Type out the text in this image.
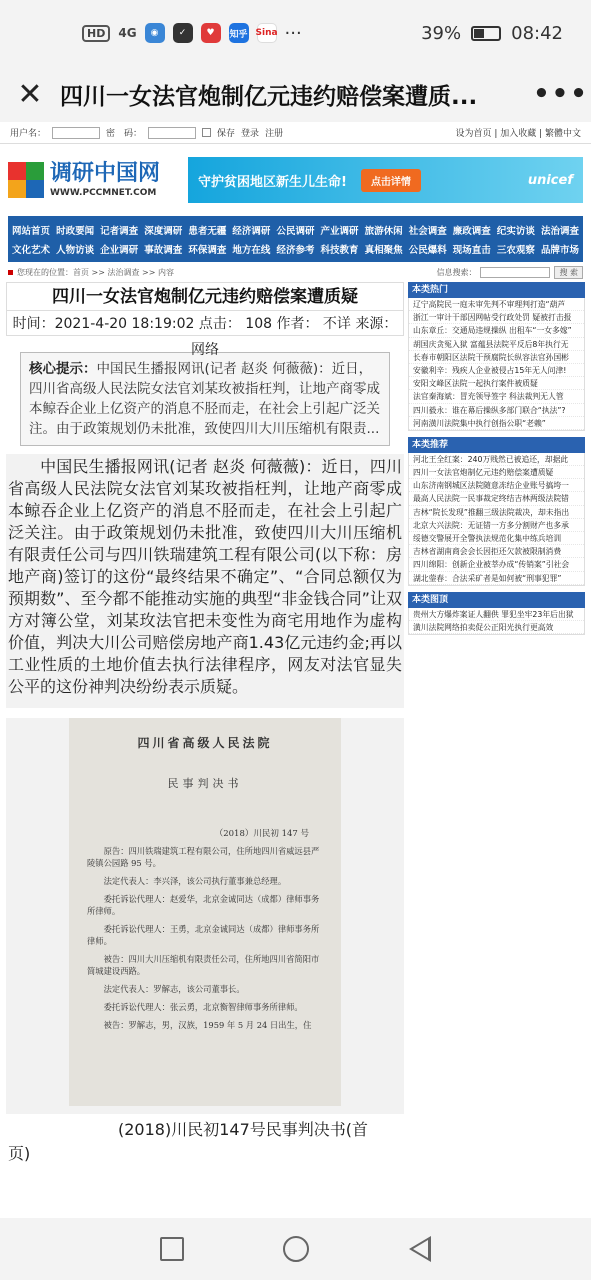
HD	4G	◉	✓	♥	知乎 Sina ···	39%	08:42
✕ 四川一女法官炮制亿元违约赔偿案遭质...	•••
用户名：	密　码：	保存 登录 注册	设为首页 | 加入收藏 | 繁體中文
调研中国网
WWW.PCCMNET.COM
守护贫困地区新生儿生命!	点击详情	unicef
网站首页 时政要闻 记者调查 深度调研 患者无疆 经济调研 公民调研 产业调研 旅游休闲 社会调查 廉政调查 纪实访谈 法治调查
文化艺术 人物访谈 企业调研 事故调查 环保调查 地方在线 经济参考 科技教育 真相聚焦 公民爆料 现场直击 三农观察 品牌市场
您现在的位置：首页 >> 法治调查 >> 内容	信息搜索：	搜 索
四川一女法官炮制亿元违约赔偿案遭质疑
时间：2021-4-20 18:19:02 点击： 108 作者： 不详 来源： 网络
核心提示：中国民生播报网讯(记者 赵炎 何薇薇)：近日，四川省高级人民法院女法官刘某玫被指枉判，让地产商零成本鲸吞企业上亿资产的消息不胫而走，在社会上引起广泛关注。由于政策规划仍未批准，致使四川大川压缩机有限责...
中国民生播报网讯(记者 赵炎 何薇薇)：近日，四川省高级人民法院女法官刘某玫被指枉判，让地产商零成本鲸吞企业上亿资产的消息不胫而走，在社会上引起广泛关注。由于政策规划仍未批准，致使四川大川压缩机有限责任公司与四川铁瑞建筑工程有限公司(以下称：房地产商)签订的这份“最终结果不确定”、“合同总额仅为预期数”、至今都不能推动实施的典型“非金钱合同”让双方对簿公堂，刘某玫法官把未变性为商宅用地作为虚构价值，判决大川公司赔偿房地产商1.43亿元违约金;再以工业性质的土地价值去执行法律程序，网友对法官显失公平的这份神判决纷纷表示质疑。
四川省高级人民法院
民事判决书
（2018）川民初 147 号

原告：四川铁瑞建筑工程有限公司，住所地四川省威远县严陵镇公园路 95 号。

法定代表人：李兴泽，该公司执行董事兼总经理。

委托诉讼代理人：赵爱华，北京金诚同达（成都）律师事务所律师。

委托诉讼代理人：王勇，北京金诚同达（成都）律师事务所律师。

被告：四川大川压缩机有限责任公司，住所地四川省简阳市简城建设西路。

法定代表人：罗解志，该公司董事长。

委托诉讼代理人：张云勇，北京衡智律师事务所律师。

被告：罗解志，男，汉族，1959 年 5 月 24 日出生，住

(2018)川民初147号民事判决书(首
页)
本类热门
辽宁高院民一庭未审先判不审理判打造“葫芦
浙江一审计干部因网帖受行政处罚 疑被打击报
山东章丘：交通局违规操纵 出租车“一女多嫁”
胡国庆贪冤入狱 富蕴县法院平反后8年执行无
长春市朝阳区法院干预腐院长纵容法官孙国彬
安徽利辛：残疾人企业被侵占15年无人问津!
安阳文峰区法院一起执行案件被质疑
法官秦海斌：冒充领导签字 科法裁判无人管
四川毅永：谁在幕后操纵多部门联合“执法”?
河南潢川法院集中执行创指公职“老赖”
本类推荐
河北王全红案：240万贱然已被追还，却据此
四川一女法官炮制亿元违约赔偿案遭质疑
山东济南钢城区法院随意冻结企业账号搞垮一
最高人民法院一民事裁定终结吉林两级法院错
吉林“院长发现”推翻三级法院裁决，却未指出
北京大兴法院：无证错一方多分割财产也多承
绥德交警展开全警执法规范化集中练兵培训
吉林省湖南商会会长因拒还欠款被限制消费
四川绵阳：创新企业被莘办成“传销案”引社会
湖北蓥春：合法采矿者是如何被“刑事犯罪”
本类图顶
贵州大方爆炸案证人翻供 罪犯坐牢23年后出狱
潢川法院网络拍卖促公正阳光执行更高效
